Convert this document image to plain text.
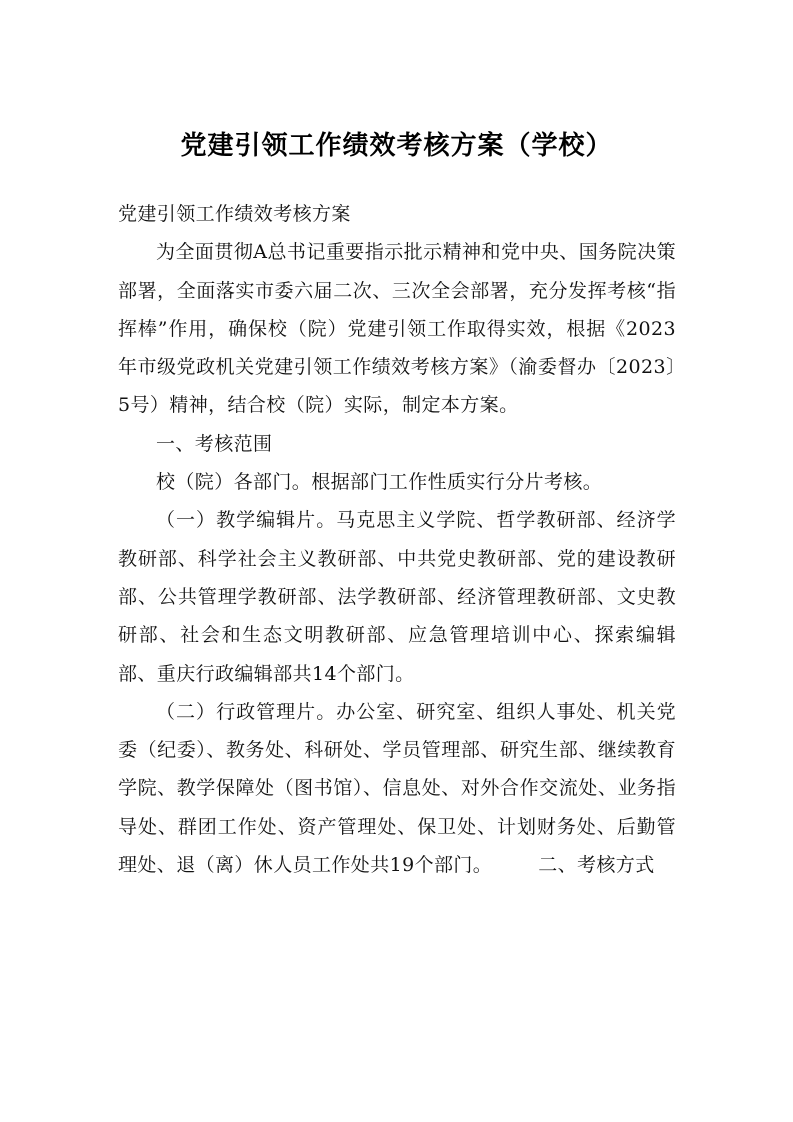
党建引领工作绩效考核方案（学校）

党建引领工作绩效考核方案

为全面贯彻A总书记重要指示批示精神和党中央、国务院决策部署，全面落实市委六届二次、三次全会部署，充分发挥考核“指挥棒”作用，确保校（院）党建引领工作取得实效，根据《2023年市级党政机关党建引领工作绩效考核方案》（渝委督办〔2023〕5号）精神，结合校（院）实际，制定本方案。

一、考核范围

校（院）各部门。根据部门工作性质实行分片考核。

（一）教学编辑片。马克思主义学院、哲学教研部、经济学教研部、科学社会主义教研部、中共党史教研部、党的建设教研部、公共管理学教研部、法学教研部、经济管理教研部、文史教研部、社会和生态文明教研部、应急管理培训中心、探索编辑部、重庆行政编辑部共14个部门。

（二）行政管理片。办公室、研究室、组织人事处、机关党委（纪委）、教务处、科研处、学员管理部、研究生部、继续教育学院、教学保障处（图书馆）、信息处、对外合作交流处、业务指导处、群团工作处、资产管理处、保卫处、计划财务处、后勤管理处、退（离）休人员工作处共19个部门。 二、考核方式
